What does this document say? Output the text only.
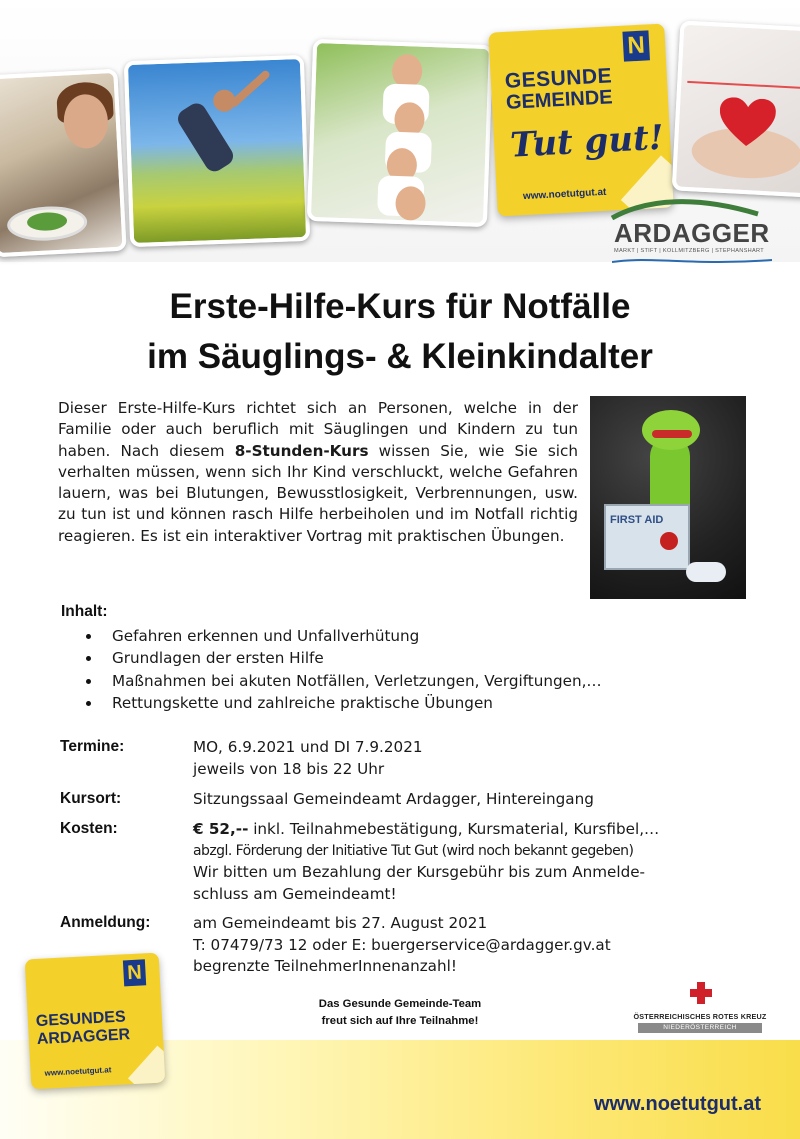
N
GESUNDE
GEMEINDE
Tut gut!
www.noetutgut.at
ARDAGGER
MARKT | STIFT | KOLLMITZBERG | STEPHANSHART
Erste-Hilfe-Kurs für Notfälle
im Säuglings- & Kleinkindalter

Dieser Erste-Hilfe-Kurs richtet sich an Personen, welche in der Familie oder auch beruflich mit Säuglingen und Kindern zu tun haben. Nach diesem 8-Stunden-Kurs wissen Sie, wie Sie sich verhalten müssen, wenn sich Ihr Kind verschluckt, welche Gefahren lauern, was bei Blutungen, Bewusstlosigkeit, Verbrennungen, usw. zu tun ist und können rasch Hilfe herbeiholen und im Notfall richtig reagieren. Es ist ein interaktiver Vortrag mit praktischen Übungen.

FIRST AID
Inhalt:
Gefahren erkennen und Unfallverhütung
Grundlagen der ersten Hilfe
Maßnahmen bei akuten Notfällen, Verletzungen, Vergiftungen,…
Rettungskette und zahlreiche praktische Übungen
Termine:	MO, 6.9.2021 und DI 7.9.2021
jeweils von 18 bis 22 Uhr
Kursort:	Sitzungssaal Gemeindeamt Ardagger, Hintereingang
Kosten:	€ 52,-- inkl. Teilnahmebestätigung, Kursmaterial, Kursfibel,…
abzgl. Förderung der Initiative Tut Gut (wird noch bekannt gegeben)
Wir bitten um Bezahlung der Kursgebühr bis zum Anmelde-
schluss am Gemeindeamt!
Anmeldung:	am Gemeindeamt bis 27. August 2021
T: 07479/73 12 oder E: buergerservice@ardagger.gv.at
begrenzte TeilnehmerInnenanzahl!
N
GESUNDES
ARDAGGER
www.noetutgut.at
Das Gesunde Gemeinde-Team
freut sich auf Ihre Teilnahme!	ÖSTERREICHISCHES ROTES KREUZ
NIEDERÖSTERREICH
www.noetutgut.at
